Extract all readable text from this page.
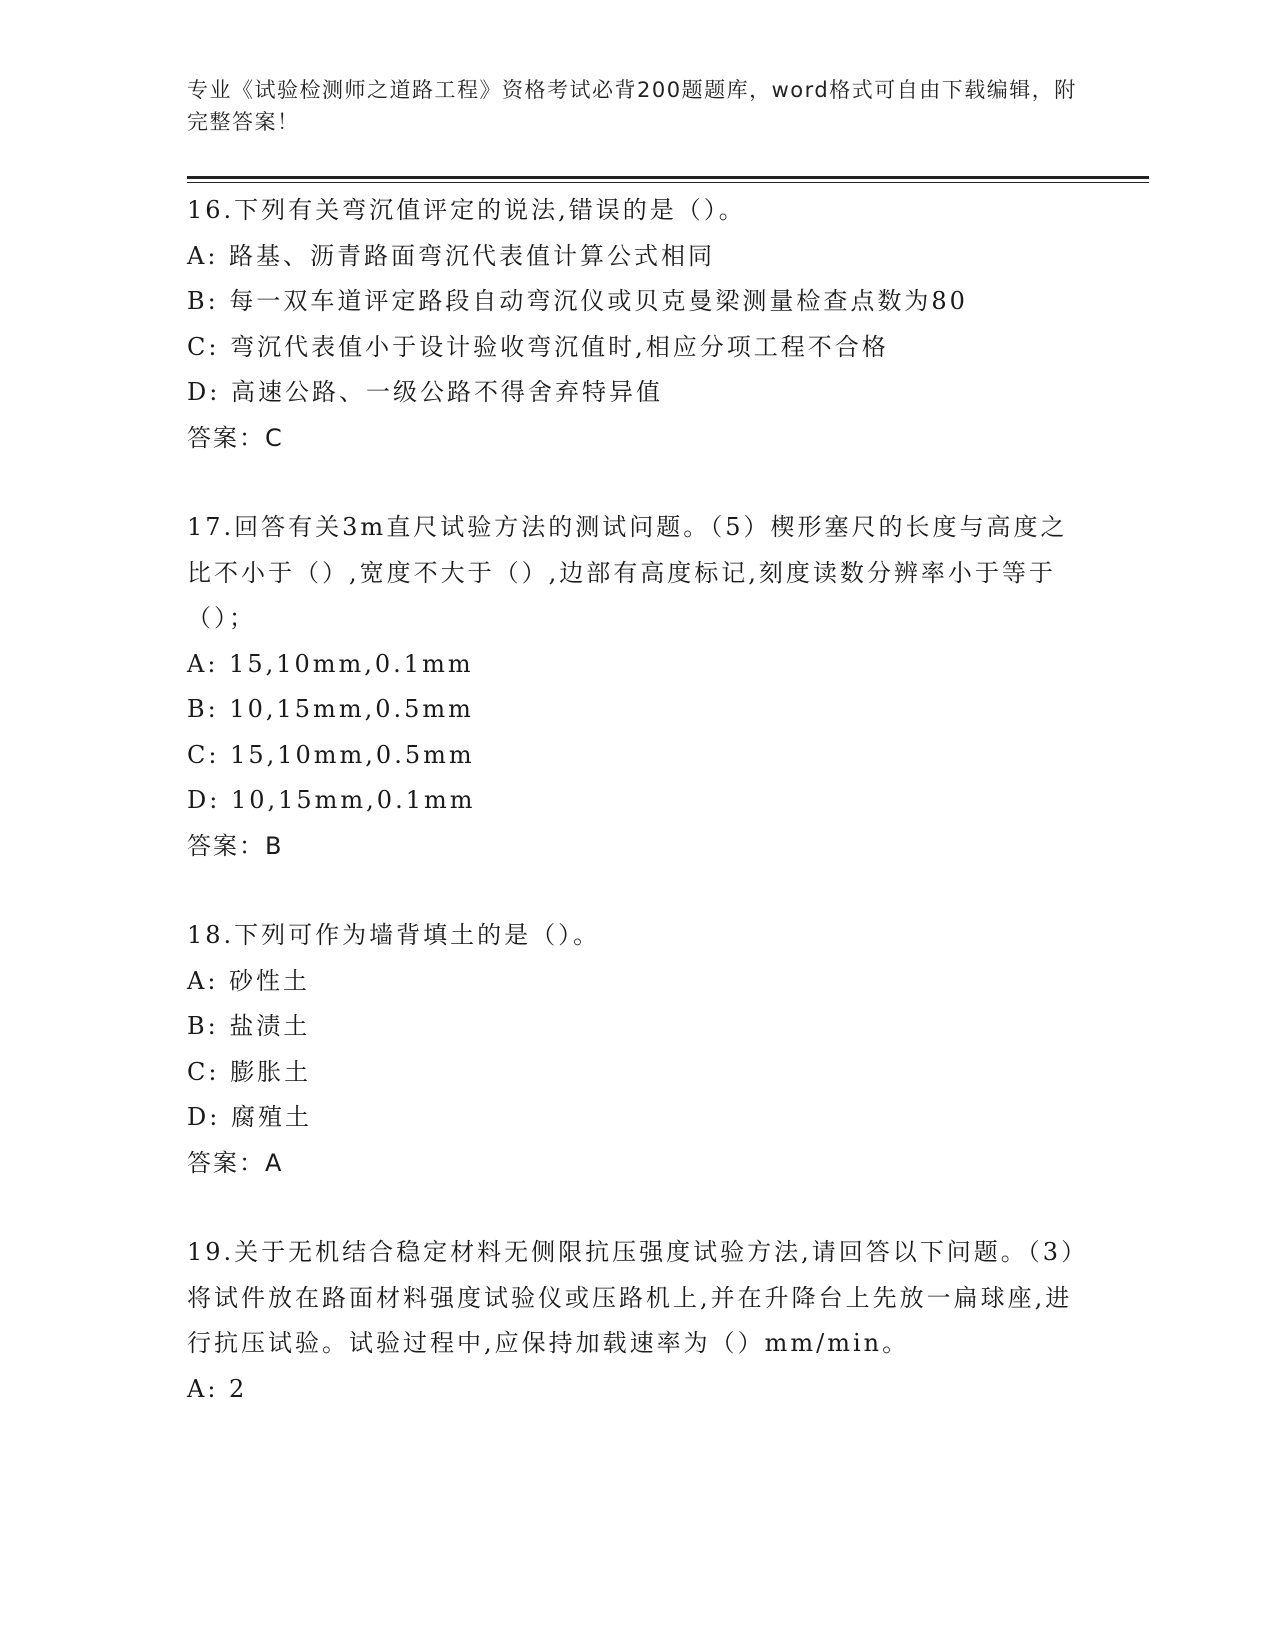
专业《试验检测师之道路工程》资格考试必背200题题库，word格式可自由下载编辑，附完整答案！

16.下列有关弯沉值评定的说法,错误的是（）。

A: 路基、沥青路面弯沉代表值计算公式相同

B: 每一双车道评定路段自动弯沉仪或贝克曼梁测量检查点数为80

C: 弯沉代表值小于设计验收弯沉值时,相应分项工程不合格

D: 高速公路、一级公路不得舍弃特异值

答案：C

17.回答有关3m直尺试验方法的测试问题。（5）楔形塞尺的长度与高度之比不小于（）,宽度不大于（）,边部有高度标记,刻度读数分辨率小于等于（）；

A: 15,10mm,0.1mm

B: 10,15mm,0.5mm

C: 15,10mm,0.5mm

D: 10,15mm,0.1mm

答案：B

18.下列可作为墙背填土的是（）。

A: 砂性土

B: 盐渍土

C: 膨胀土

D: 腐殖土

答案：A

19.关于无机结合稳定材料无侧限抗压强度试验方法,请回答以下问题。（3）将试件放在路面材料强度试验仪或压路机上,并在升降台上先放一扁球座,进行抗压试验。试验过程中,应保持加载速率为（）mm/min。

A: 2
